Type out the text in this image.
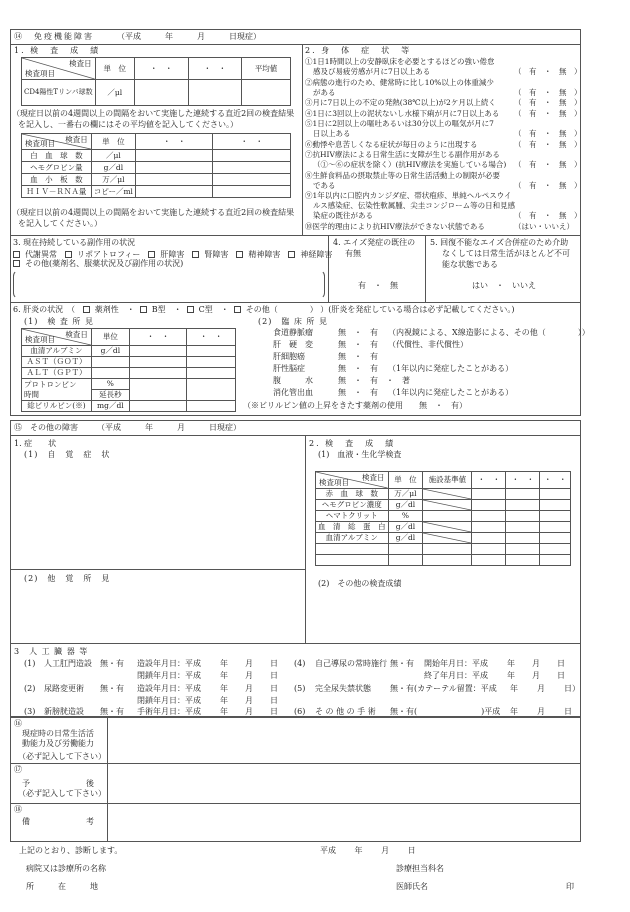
⑭　免疫機能障害	（平成　　　年　　　月　　　日現症）
1. 検　査　成　績
検査日
検査項目	単　位	・　・	・　・	平均値
CD4陽性Tリンパ球数	／μl			
（現症日以前の4週間以上の間隔をおいて実施した連続する直近2回の検査結果
を記入し、一番右の欄にはその平均値を記入してください。）
検査日
検査項目	単　位	・　・	・　・
白　血　球　数	／μl		
ヘモグロビン量	g／dl		
血　小　板　数	万／μl		
ＨＩＶ－ＲＮＡ量	コピー／ml		
（現症日以前の4週間以上の間隔をおいて実施した連続する直近2回の検査結果
を記入してください。）
2. 身　体　症　状　等
①1日1時間以上の安静臥床を必要とするほどの強い倦怠
感及び易疲労感が月に7日以上ある	（　有　・　無　）
②病態の進行のため、健常時に比し10%以上の体重減少
がある	（　有　・　無　）
③月に7日以上の不定の発熱(38℃以上)が2ケ月以上続く （　有　・　無　）
④1日に3回以上の泥状ないし水様下痢が月に7日以上ある （　有　・　無　）
⑤1日に2回以上の嘔吐あるいは30分以上の嘔気が月に7
日以上ある	（　有　・　無　）
⑥動悸や息苦しくなる症状が毎日のように出現する	（　有　・　無　）
⑦抗HIV療法による日常生活に支障が生じる副作用がある
（①～⑥の症状を除く）(抗HIV療法を実施している場合) （　有　・　無　）
⑧生鮮食料品の摂取禁止等の日常生活活動上の制限が必要
である	（　有　・　無　）
⑨1年以内に口腔内カンジダ症、帯状疱疹、単純ヘルペスウイ
ルス感染症、伝染性軟属腫、尖圭コンジローム等の日和見感
染症の既往がある	（　有　・　無　）
⑩医学的理由により抗HIV療法ができない状態である	（はい・いいえ）
3. 現在持続している副作用の状況
代謝異常	リポアトロフィー	肝障害	腎障害	精神障害	神経障害
その他(薬剤名、服薬状況及び副作用の状況)
4. エイズ発症の既往の
有無
有　・　無
5. 回復不能なエイズ合併症のため介助
なくしては日常生活がほとんど不可
能な状態である
はい　・　いいえ
6. 肝炎の状況　（ 薬剤性　・ B型　・ C型　・ その他（　　　　） ）(肝炎を発症している場合は必ず記載してください。)
(1)　検 査 所 見
検査日
検査項目	単位	・　・	・　・
血清アルブミン	g／dl		
ＡＳＴ（ＧＯＴ）			
ＡＬＴ（ＧＰＴ）			
プロトロンビン
時間	%		
	延長秒		
総ビリルビン(※)	mg／dl		
(2)　臨 床 所 見
食道静脈瘤	無　・　有 （内視鏡による、X線造影による、その他（　　　　））
肝　硬　変	無　・　有 （代償性、非代償性）
肝細胞癌	無　・　有
肝性脳症	無　・　有 （1年以内に発症したことがある）
腹　　　水	無　・　有　・　著
消化管出血	無　・　有 （1年以内に発症したことがある）
（※ビリルビン値の上昇をきたす薬剤の使用　　無　・　有）
⑮　その他の障害 （平成　　　年　　　月　　　日現症）
1. 症　　状
(1)　自　覚　症　状
(2)　他　覚　所　見
2. 検　査　成　績
(1)　血液・生化学検査
検査日
検査項目	単　位	施設基準値	・　・	・　・	・　・
赤　血　球　数	万／μl	

ヘモグロビン濃度	g／dl	

ヘマトクリット	%				
血　清　総　蛋　白	g／dl	

血清アルブミン	g／dl	

(2)　その他の検査成績
3　人 工 臓 器 等
(1) 人工肛門造設 無・有 造設年月日：平成 年 月 日
閉鎖年月日：平成 年 月 日
(2) 尿路変更術 無・有 造設年月日：平成 年 月 日
閉鎖年月日：平成 年 月 日
(3) 新膀胱造設 無・有 手術年月日：平成 年 月 日
(4) 自己導尿の常時施行 無・有 開始年月日：平成 年 月 日
終了年月日：平成 年 月 日
(5) 完全尿失禁状態 無・有(カテーテル留置：平成 年 月 日）
(6) そ の 他 の 手 術 無・有(　　　　　　　　)平成 年 月 日
⑯
現症時の日常生活活
動能力及び労働能力
（必ず記入して下さい）
⑰
予　　　　　　　後
（必ず記入して下さい）
⑱
備　　　　　　　考
上記のとおり、診断します。	平成　　 年　　 月　　 日
病院又は診療所の名称	診療担当科名
所　　　在　　　地	医師氏名	印
